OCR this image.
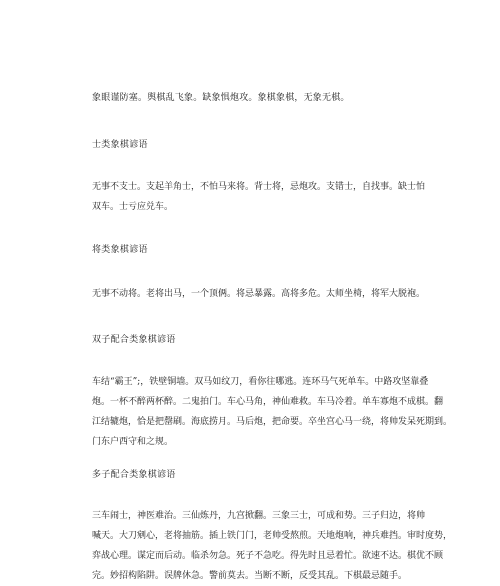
象眼谨防塞。舆棋乱飞象。缺象惧炮攻。象棋象棋，无象无棋。
士类象棋谚语
无事不支士。支起羊角士，不怕马来将。背士将，忌炮攻。支错士，自找事。缺士怕
双车。士亏应兑车。
将类象棋谚语
无事不动将。老将出马，一个顶俩。将忌暴露。高将多危。太师坐椅，将军大脱袍。
双子配合类象棋谚语
车结“霸王”;，铁壁铜墙。双马如纹刀，看你往哪逃。连环马气死单车。中路攻坚靠叠
炮。一杯不醉两杯醉。二鬼拍门。车心马角，神仙难救。车马冷着。单车寡炮不成棋。翻
江结辘炮，恰是把罄刷。海底捞月。马后炮，把命要。卒坐宫心马一绕，将帅发呆死期到。
门东户西守和之规。
多子配合类象棋谚语
三车闹士，神医难治。三仙炼丹，九宫掀翻。三象三士，可成和势。三子归边，将帅
喊天。大刀剜心，老将抽筋。插上铁门门，老帅受熬煎。天地炮响，神兵难挡。审时度势，
弈战心理。谋定而后动。临杀勿急。死子不急吃。得先时且忌着忙。欲速不达。棋优不顾
完。妙招构陷阱。误牌休急。警前莫去。当断不断，反受其乱。下棋最忌随手。
